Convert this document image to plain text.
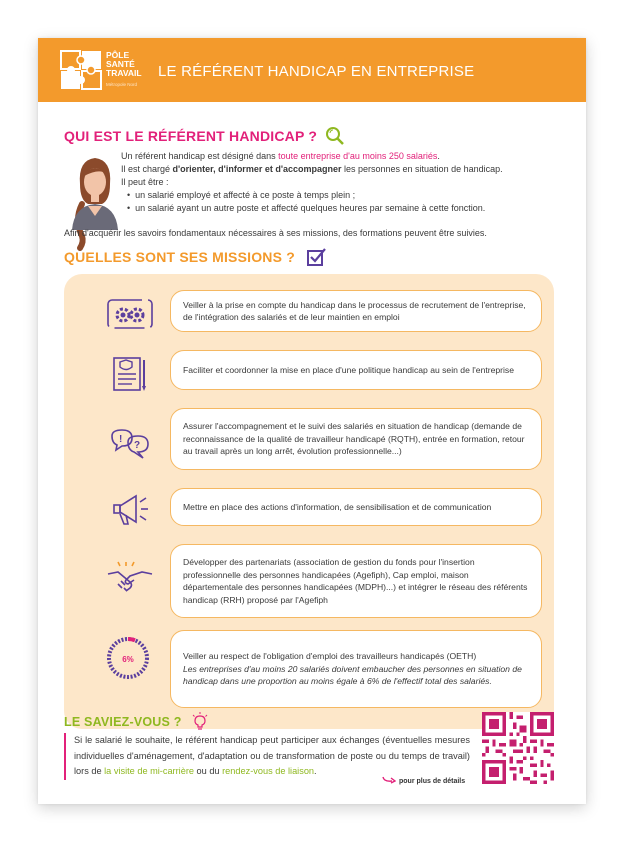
PÔLE
SANTÉ
TRAVAIL
Métropole Nord
LE RÉFÉRENT HANDICAP EN ENTREPRISE
QUI EST LE RÉFÉRENT HANDICAP ?
Un référent handicap est désigné dans toute entreprise d'au moins 250 salariés.
Il est chargé d'orienter, d'informer et d'accompagner les personnes en situation de handicap.
Il peut être :
• un salarié employé et affecté à ce poste à temps plein ;
• un salarié ayant un autre poste et affecté quelques heures par semaine à cette fonction.
Afin d'acquérir les savoirs fondamentaux nécessaires à ses missions, des formations peuvent être suivies.
QUELLES SONT SES MISSIONS ?
Veiller à la prise en compte du handicap dans le processus de recrutement de l'entreprise, de l'intégration des salariés et de leur maintien en emploi
Faciliter et coordonner la mise en place d'une politique handicap au sein de l'entreprise
!
?
Assurer l'accompagnement et le suivi des salariés en situation de handicap (demande de reconnaissance de la qualité de travailleur handicapé (RQTH), entrée en formation, retour au travail après un long arrêt, évolution professionnelle...)
Mettre en place des actions d'information, de sensibilisation et de communication
Développer des partenariats (association de gestion du fonds pour l'insertion professionnelle des personnes handicapées (Agefiph), Cap emploi, maison départementale des personnes handicapées (MDPH)...) et intégrer le réseau des référents handicap (RRH) proposé par l'Agefiph
6%	Veiller au respect de l'obligation d'emploi des travailleurs handicapés (OETH)
Les entreprises d'au moins 20 salariés doivent embaucher des personnes en situation de handicap dans une proportion au moins égale à 6% de l'effectif total des salariés.
LE SAVIEZ-VOUS ?
Si le salarié le souhaite, le référent handicap peut participer aux échanges (éventuelles mesures individuelles d'aménagement, d'adaptation ou de transformation de poste ou du temps de travail) lors de la visite de mi-carrière ou du rendez-vous de liaison.
pour plus de détails
